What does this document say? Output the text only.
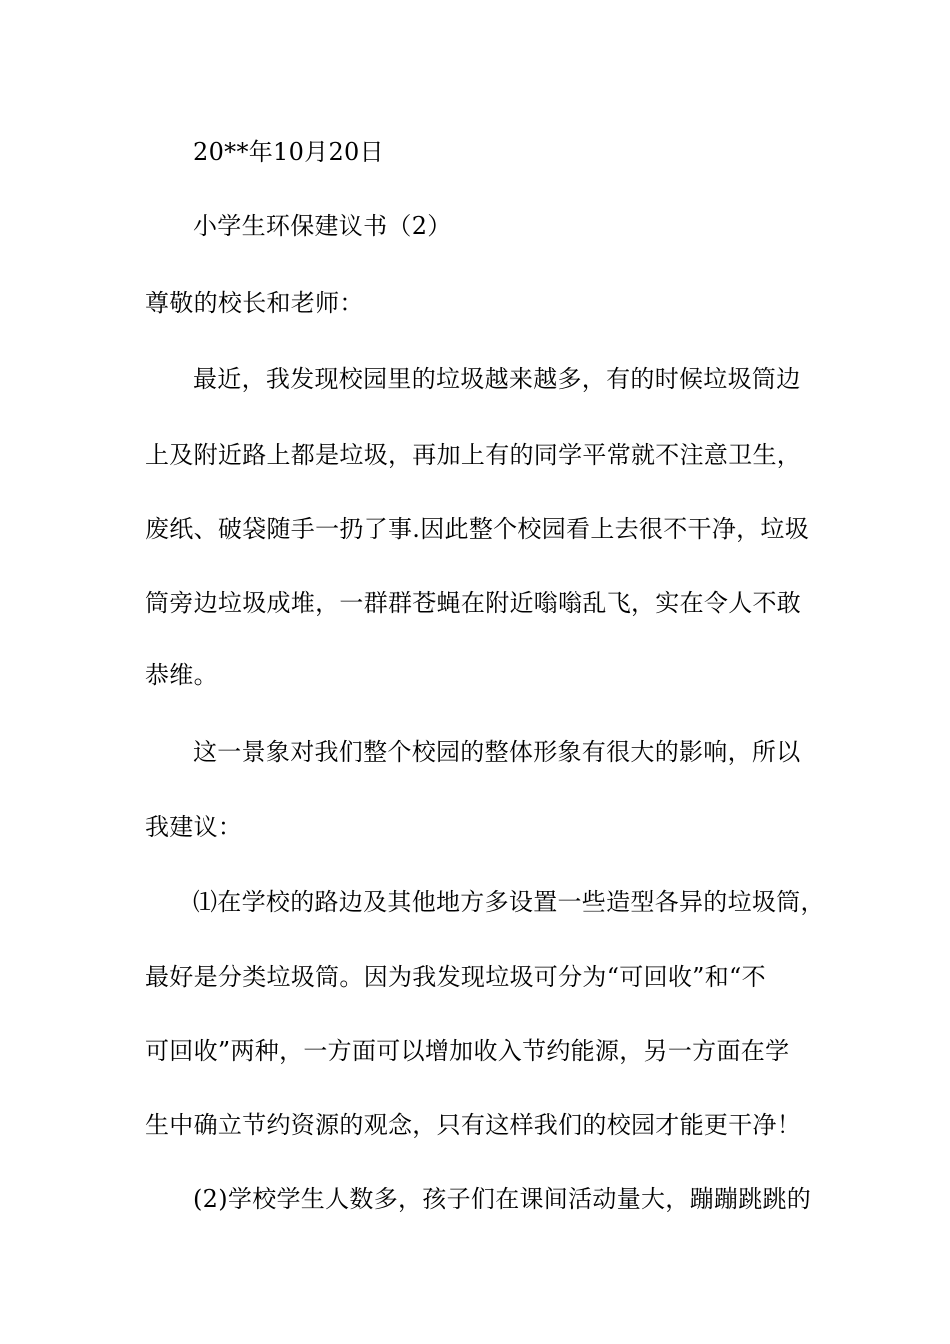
20**年10月20日
小学生环保建议书（2）
尊敬的校长和老师：
最近，我发现校园里的垃圾越来越多，有的时候垃圾筒边
上及附近路上都是垃圾，再加上有的同学平常就不注意卫生，
废纸、破袋随手一扔了事.因此整个校园看上去很不干净，垃圾
筒旁边垃圾成堆，一群群苍蝇在附近嗡嗡乱飞，实在令人不敢
恭维。
这一景象对我们整个校园的整体形象有很大的影响，所以
我建议：
⑴在学校的路边及其他地方多设置一些造型各异的垃圾筒，
最好是分类垃圾筒。因为我发现垃圾可分为“可回收”和“不
可回收”两种，一方面可以增加收入节约能源，另一方面在学
生中确立节约资源的观念，只有这样我们的校园才能更干净！
(2)学校学生人数多，孩子们在课间活动量大，蹦蹦跳跳的
